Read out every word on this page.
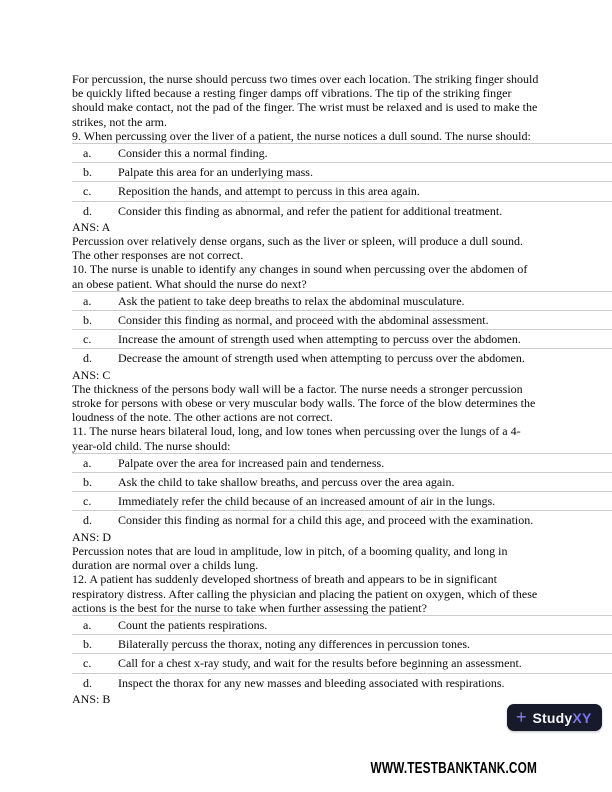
For percussion, the nurse should percuss two times over each location. The striking finger should be quickly lifted because a resting finger damps off vibrations. The tip of the striking finger should make contact, not the pad of the finger. The wrist must be relaxed and is used to make the strikes, not the arm.

9. When percussing over the liver of a patient, the nurse notices a dull sound. The nurse should:

a.	Consider this a normal finding.
b.	Palpate this area for an underlying mass.
c.	Reposition the hands, and attempt to percuss in this area again.
d.	Consider this finding as abnormal, and refer the patient for additional treatment.

ANS: A

Percussion over relatively dense organs, such as the liver or spleen, will produce a dull sound. The other responses are not correct.

10. The nurse is unable to identify any changes in sound when percussing over the abdomen of an obese patient. What should the nurse do next?

a.	Ask the patient to take deep breaths to relax the abdominal musculature.
b.	Consider this finding as normal, and proceed with the abdominal assessment.
c.	Increase the amount of strength used when attempting to percuss over the abdomen.
d.	Decrease the amount of strength used when attempting to percuss over the abdomen.

ANS: C

The thickness of the persons body wall will be a factor. The nurse needs a stronger percussion stroke for persons with obese or very muscular body walls. The force of the blow determines the loudness of the note. The other actions are not correct.

11. The nurse hears bilateral loud, long, and low tones when percussing over the lungs of a 4-year-old child. The nurse should:

a.	Palpate over the area for increased pain and tenderness.
b.	Ask the child to take shallow breaths, and percuss over the area again.
c.	Immediately refer the child because of an increased amount of air in the lungs.
d.	Consider this finding as normal for a child this age, and proceed with the examination.

ANS: D

Percussion notes that are loud in amplitude, low in pitch, of a booming quality, and long in duration are normal over a childs lung.

12. A patient has suddenly developed shortness of breath and appears to be in significant respiratory distress. After calling the physician and placing the patient on oxygen, which of these actions is the best for the nurse to take when further assessing the patient?

a.	Count the patients respirations.
b.	Bilaterally percuss the thorax, noting any differences in percussion tones.
c.	Call for a chest x-ray study, and wait for the results before beginning an assessment.
d.	Inspect the thorax for any new masses and bleeding associated with respirations.

ANS: B

+ StudyXY
WWW.TESTBANKTANK.COM
